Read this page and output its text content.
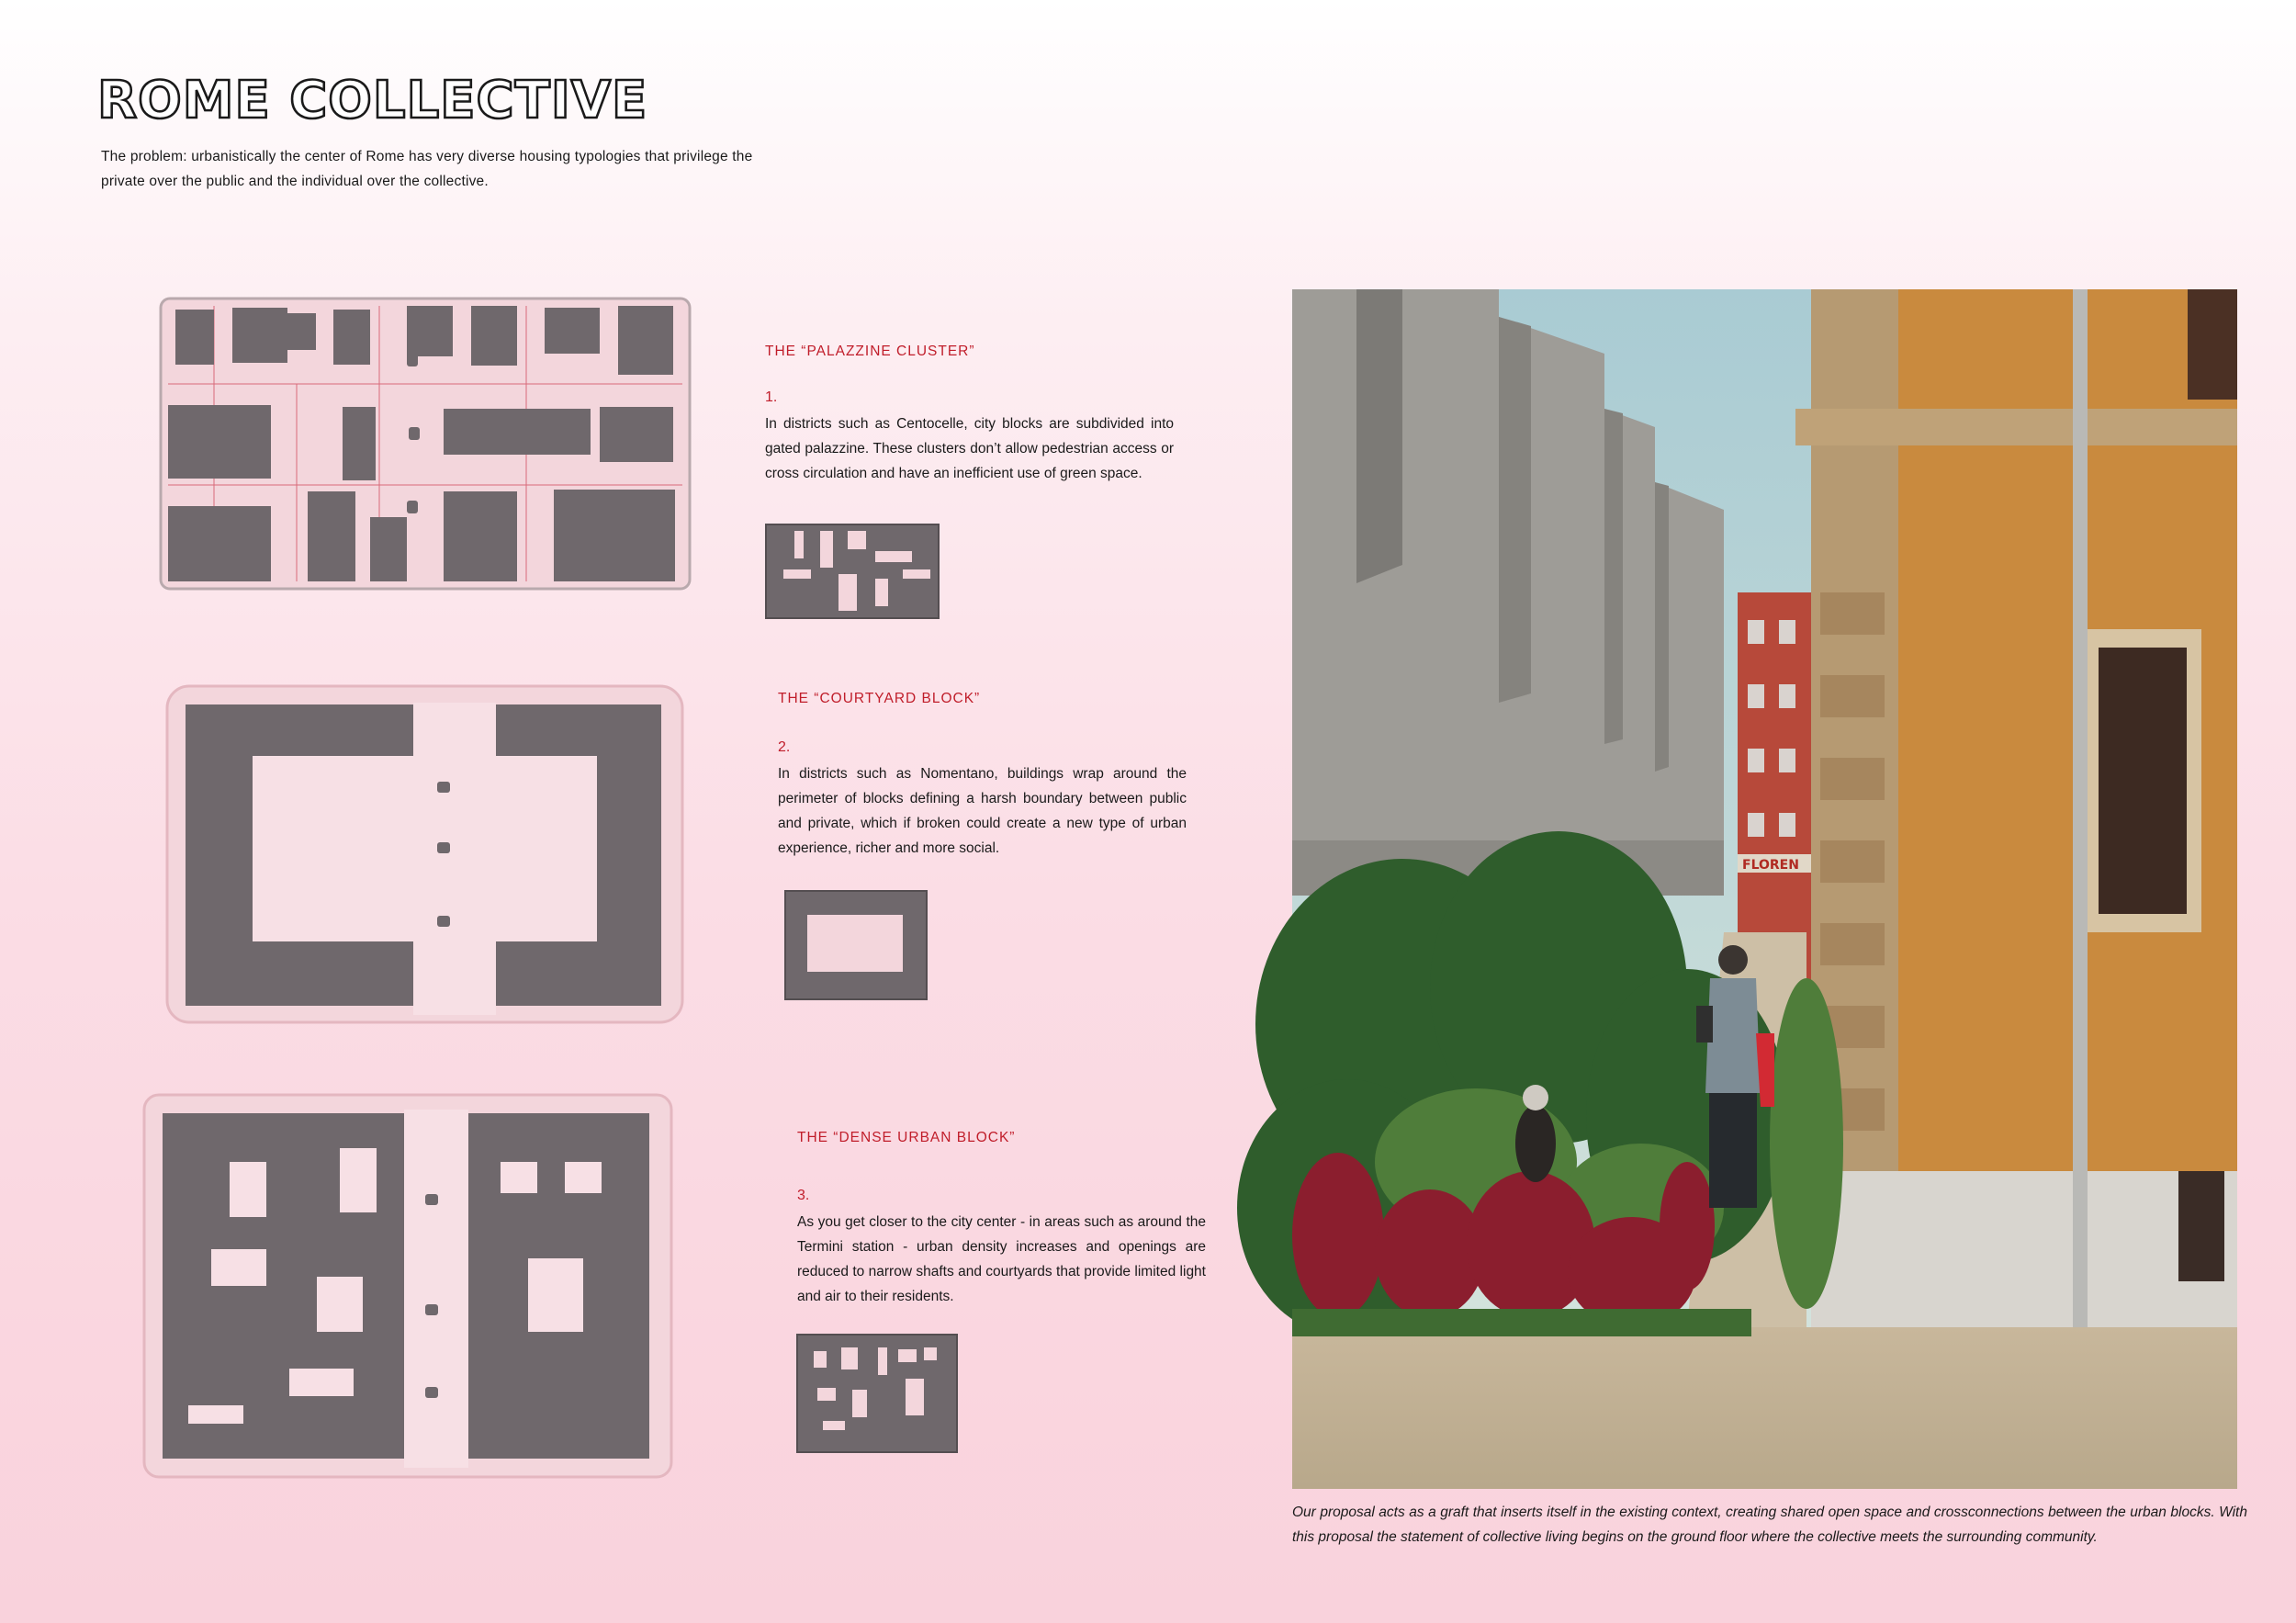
ROME COLLECTIVE
The problem: urbanistically the center of Rome has very diverse housing typologies that privilege the private over the public and the individual over the collective.
THE “PALAZZINE CLUSTER”
1.
In districts such as Centocelle, city blocks are subdivided into gated palazzine. These clusters don’t allow pedestrian access or cross circulation and have an inefficient use of green space.
THE “COURTYARD BLOCK”
2.
In districts such as Nomentano, buildings wrap around the perimeter of blocks defining a harsh boundary between public and private, which if broken could create a new type of urban experience, richer and more social.
THE “DENSE URBAN BLOCK”
3.
As you get closer to the city center - in areas such as around the Termini station - urban density increases and openings are reduced to narrow shafts and courtyards that provide limited light and air to their residents.
FLOREN
Our proposal acts as a graft that inserts itself in the existing context, creating shared open space and crossconnections between the urban blocks. With this proposal the statement of collective living begins on the ground floor where the collective meets the surrounding community.
